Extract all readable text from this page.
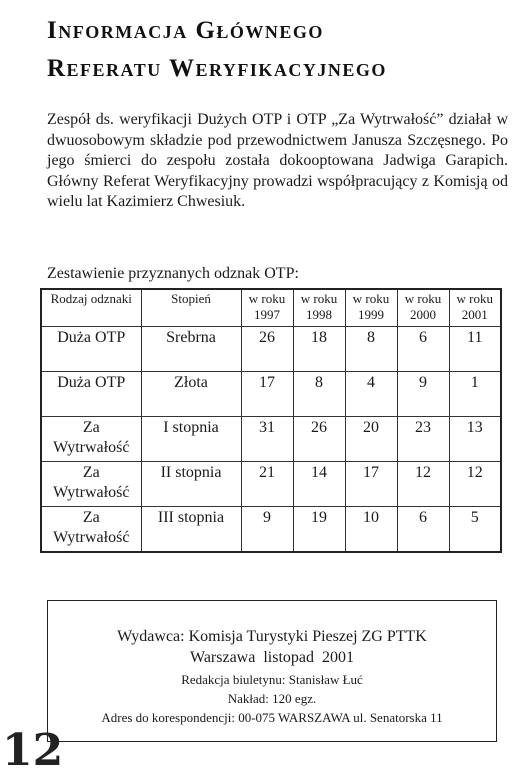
Informacja Głównego
Referatu Weryfikacyjnego
Zespół ds. weryfikacji Dużych OTP i OTP „Za Wytrwałość” działał w dwuosobowym składzie pod przewodnictwem Janusza Szczęsnego. Po jego śmierci do zespołu została dokooptowana Jadwiga Garapich. Główny Referat Weryfikacyjny prowadzi współpracujący z Komisją od wielu lat Kazimierz Chwesiuk.
Zestawienie przyznanych odznak OTP:
Rodzaj odznaki	Stopień	w roku 1997	w roku 1998	w roku 1999	w roku 2000	w roku 2001
Duża OTP	Srebrna	26	18	8	6	11
Duża OTP	Złota	17	8	4	9	1
Za Wytrwałość	I stopnia	31	26	20	23	13
Za Wytrwałość	II stopnia	21	14	17	12	12
Za Wytrwałość	III stopnia	9	19	10	6	5
Wydawca: Komisja Turystyki Pieszej ZG PTTK
Warszawa listopad 2001
Redakcja biuletynu: Stanisław Łuć
Nakład: 120 egz.
Adres do korespondencji: 00-075 WARSZAWA ul. Senatorska 11
12
